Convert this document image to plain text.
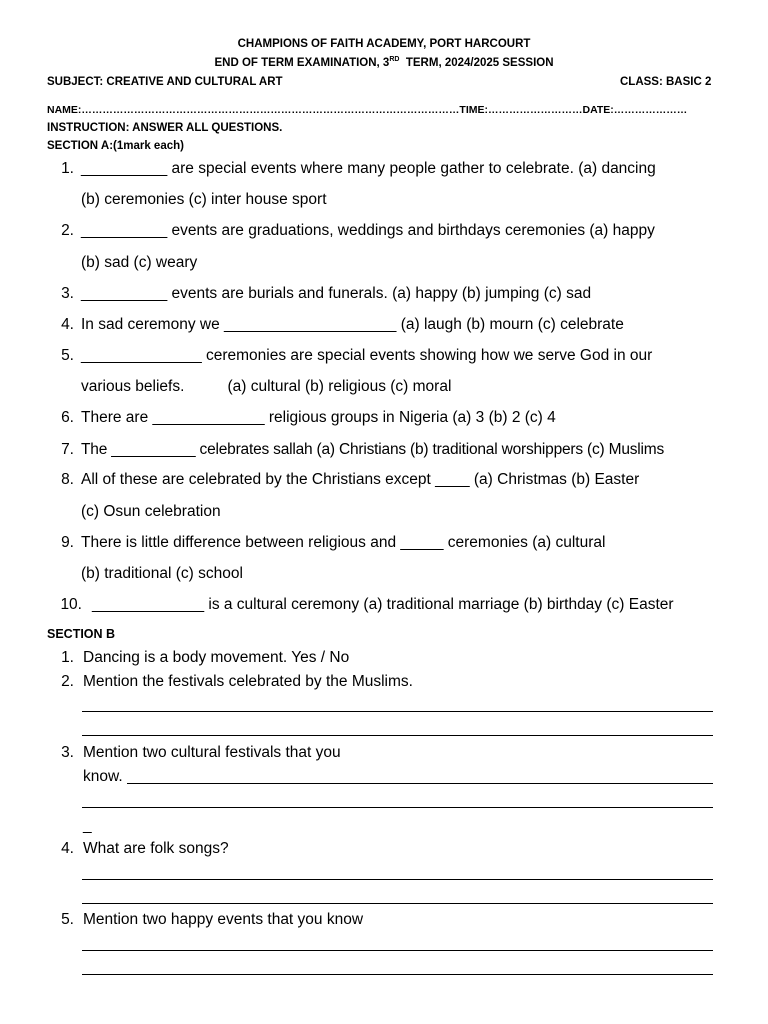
CHAMPIONS OF FAITH ACADEMY, PORT HARCOURT
END OF TERM EXAMINATION, 3RD TERM, 2024/2025 SESSION
SUBJECT: CREATIVE AND CULTURAL ART	CLASS: BASIC 2
NAME:………………………………………………………………………………………………TIME:………………………DATE:…………………
INSTRUCTION: ANSWER ALL QUESTIONS.
SECTION A:(1mark each)
1. __________ are special events where many people gather to celebrate. (a) dancing
(b) ceremonies (c) inter house sport
2. __________ events are graduations, weddings and birthdays ceremonies (a) happy
(b) sad (c) weary
3. __________ events are burials and funerals. (a) happy (b) jumping (c) sad
4. In sad ceremony we ____________________ (a) laugh (b) mourn (c) celebrate
5. ______________ ceremonies are special events showing how we serve God in our
various beliefs.          (a) cultural (b) religious (c) moral
6. There are _____________ religious groups in Nigeria (a) 3 (b) 2 (c) 4
7. The __________ celebrates sallah (a) Christians (b) traditional worshippers (c) Muslims
8. All of these are celebrated by the Christians except ____ (a) Christmas (b) Easter
(c) Osun celebration
9. There is little difference between religious and _____ ceremonies (a) cultural
(b) traditional (c) school
10. _____________ is a cultural ceremony (a) traditional marriage (b) birthday (c) Easter
SECTION B
1. Dancing is a body movement. Yes / No
2. Mention the festivals celebrated by the Muslims.
3. Mention two cultural festivals that you
know.
_
4. What are folk songs?
5. Mention two happy events that you know
